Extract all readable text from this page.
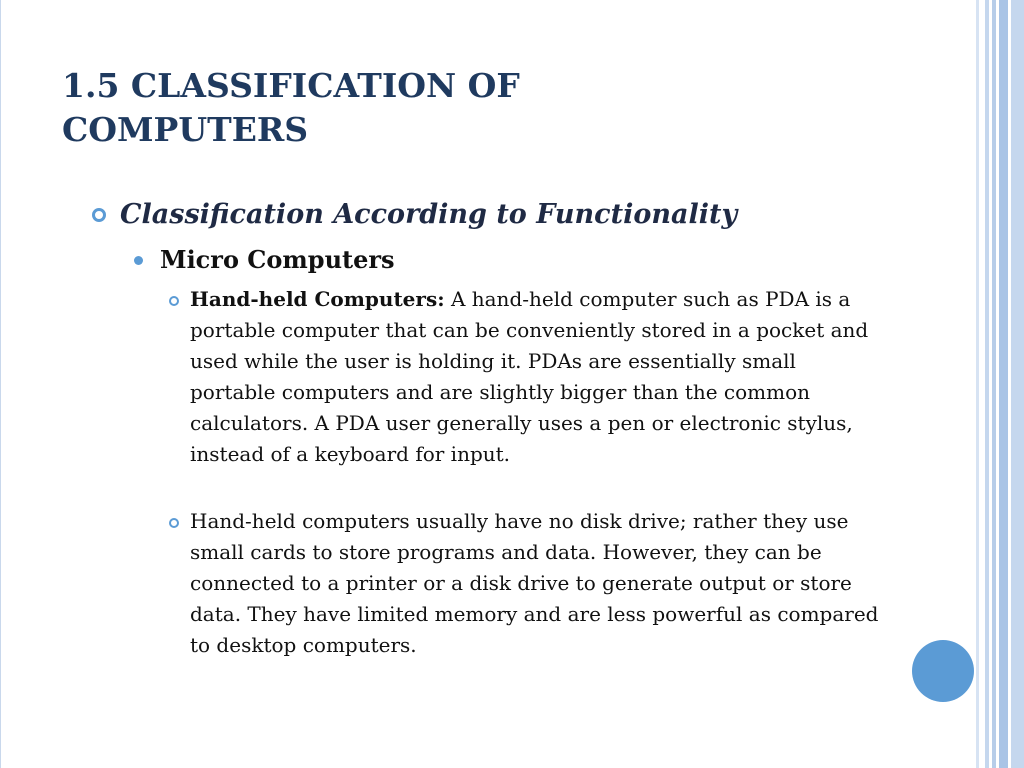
1.5 CLASSIFICATION OF COMPUTERS
Classification According to Functionality
Micro Computers
Hand-held Computers: A hand-held computer such as PDA is a portable computer that can be conveniently stored in a pocket and used while the user is holding it. PDAs are essentially small portable computers and are slightly bigger than the common calculators. A PDA user generally uses a pen or electronic stylus, instead of a keyboard for input.
Hand-held computers usually have no disk drive; rather they use small cards to store programs and data. However, they can be connected to a printer or a disk drive to generate output or store data. They have limited memory and are less powerful as compared to desktop computers.
